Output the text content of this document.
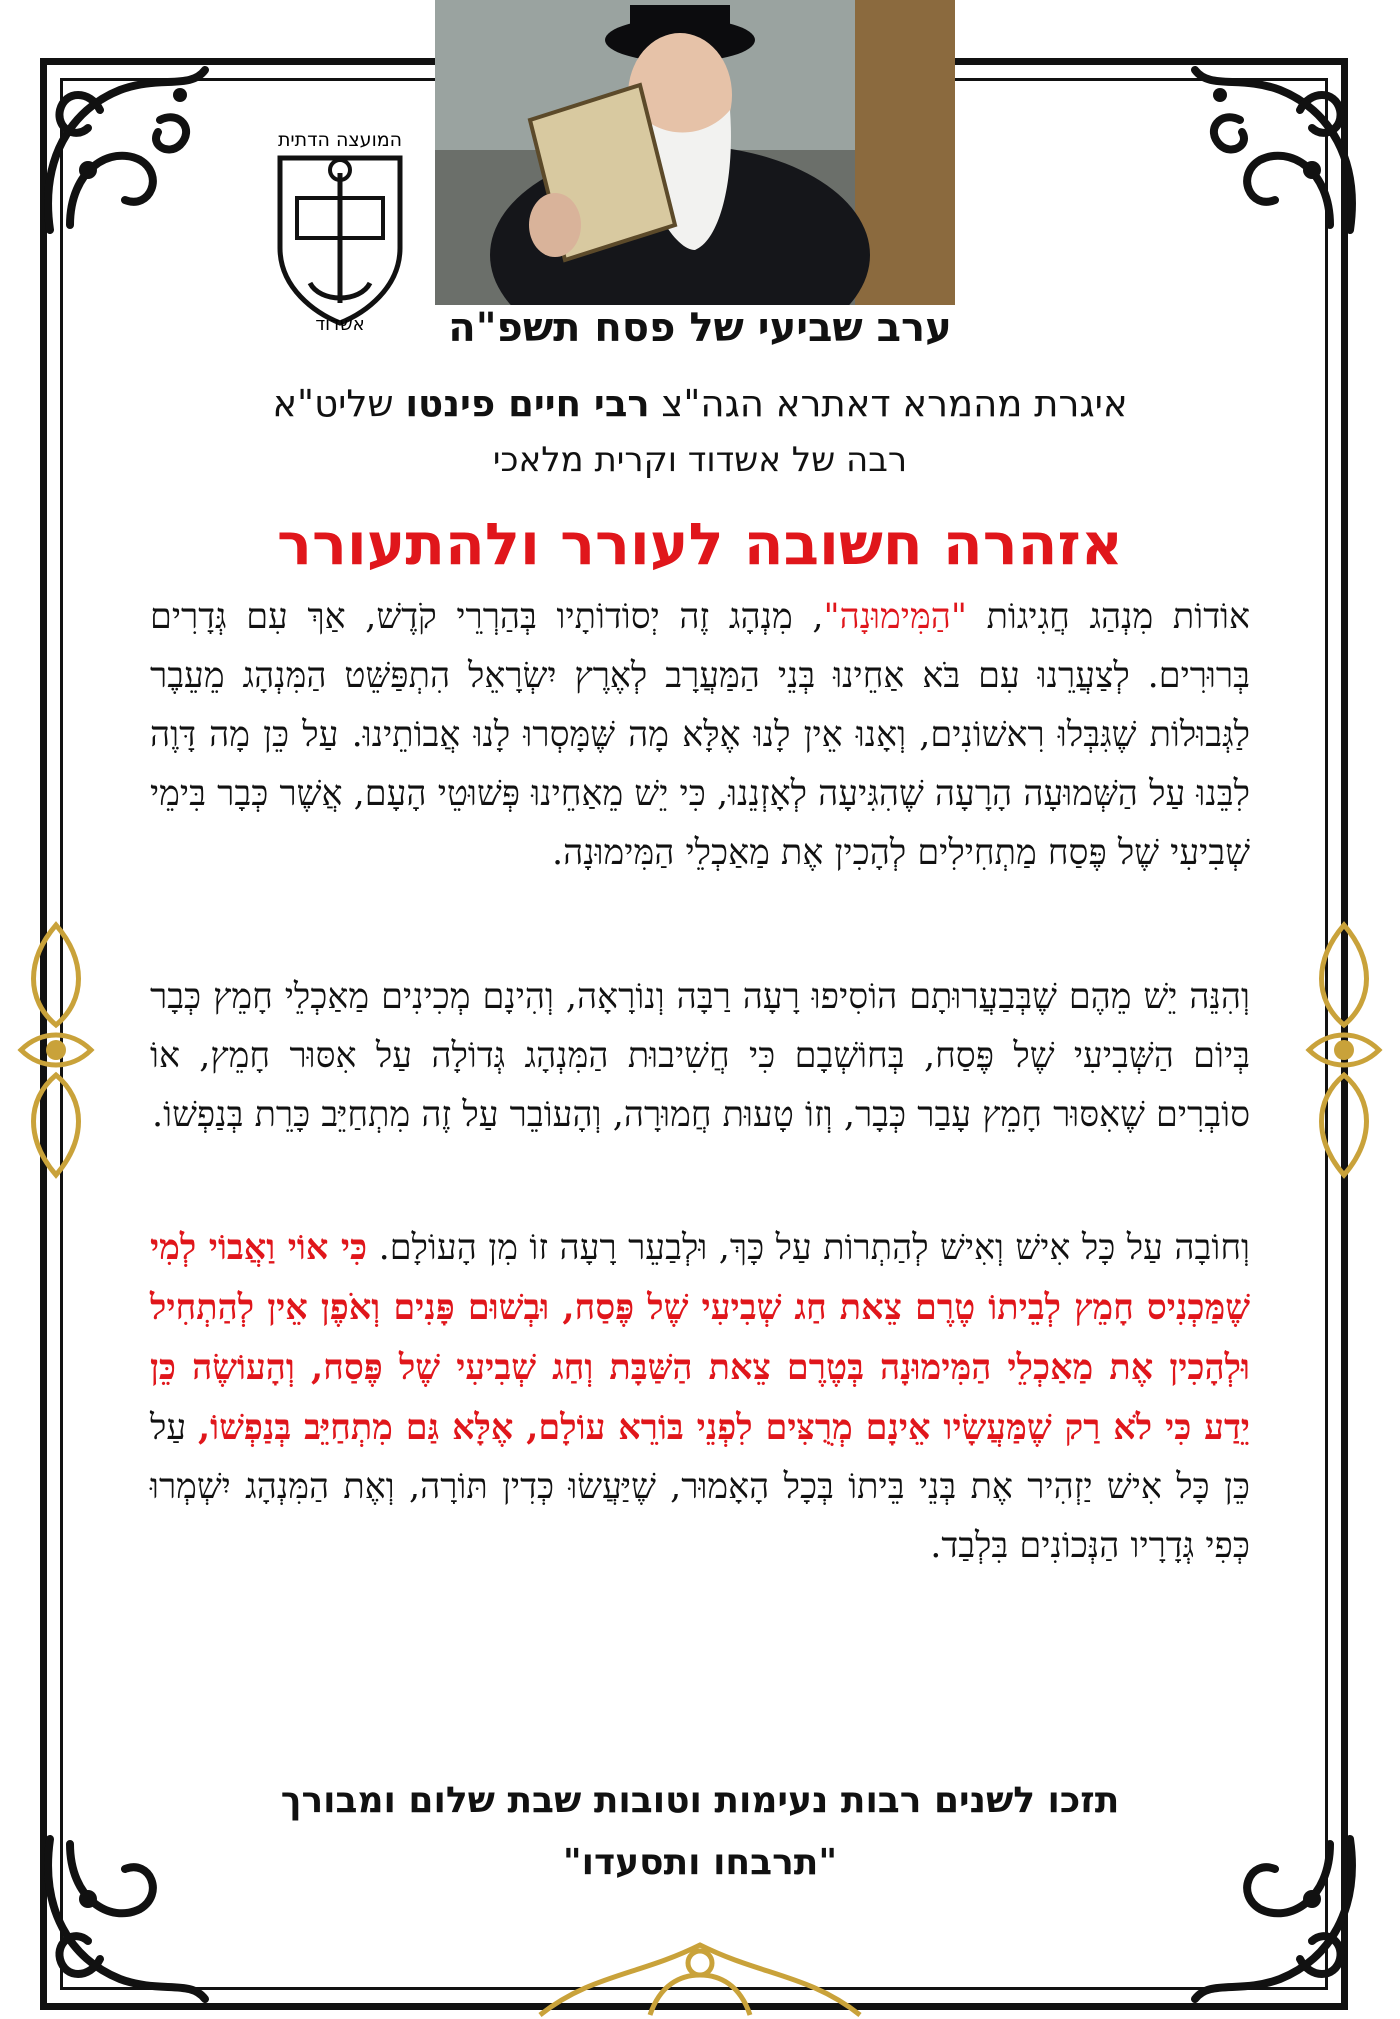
המועצה הדתית
אשדוד	ערב שביעי של פסח תשפ"ה
איגרת מהמרא דאתרא הגה"צ רבי חיים פינטו שליט"א
רבה של אשדוד וקרית מלאכי
אזהרה חשובה לעורר ולהתעורר
אוֹדוֹת מִנְהַג חֲגִיגוֹת "הַמִּימוּנָה", מִנְהָג זֶה יְסוֹדוֹתָיו בְּהַרְרֵי קֹדֶשׁ, אַךְ עִם גְּדָרִים בְּרוּרִים. לְצַעֲרֵנוּ עִם בֹּא אַחֵינוּ בְּנֵי הַמַּעֲרָב לְאֶרֶץ יִשְׂרָאֵל הִתְפַּשֵּׁט הַמִּנְהָג מֵעֵבֶר לַגְּבוּלוֹת שֶׁגִּבְּלוּ רִאשׁוֹנִים, וְאָנוּ אֵין לָנוּ אֶלָּא מָה שֶּׁמָּסְרוּ לָנוּ אֲבוֹתֵינוּ. עַל כֵּן מָה דָּוֶה לִבֵּנוּ עַל הַשְּׁמוּעָה הָרָעָה שֶׁהִגִּיעָה לְאָזְנֵנוּ, כִּי יֵשׁ מֵאַחֵינוּ פְּשׁוּטֵי הָעָם, אֲשֶׁר כְּבָר בִּימֵי שְׁבִיעִי שֶׁל פֶּסַח מַתְחִילִים לְהָכִין אֶת מַאַכְלֵי הַמִּימוּנָה.
וְהִנֵּה יֵשׁ מֵהֶם שֶׁבְּבַעֲרוּתָם הוֹסִיפוּ רָעָה רַבָּה וְנוֹרָאָה, וְהִינָם מְכִינִים מַאַכְלֵי חָמֵץ כְּבָר בְּיוֹם הַשְּׁבִיעִי שֶׁל פֶּסַח, בְּחוֹשְׁבָם כִּי חֲשִׁיבוּת הַמִּנְהָג גְּדוֹלָה עַל אִסּוּר חָמֵץ, אוֹ סוֹבְרִים שֶׁאִסּוּר חָמֵץ עָבַר כְּבָר, וְזוֹ טָעוּת חֲמוּרָה, וְהָעוֹבֵר עַל זֶה מִתְחַיֵּב כָּרֵת בְּנַפְשׁוֹ.
וְחוֹבָה עַל כָּל אִישׁ וְאִישׁ לְהַתְרוֹת עַל כָּךְ, וּלְבַעֵר רָעָה זוֹ מִן הָעוֹלָם. כִּי אוֹי וַאֲבוֹי לְמִי שֶׁמַּכְנִיס חָמֵץ לְבֵיתוֹ טֶרֶם צֵאת חַג שְׁבִיעִי שֶׁל פֶּסַח, וּבְשׁוּם פָּנִים וְאֹפֶן אֵין לְהַתְחִיל וּלְהָכִין אֶת מַאַכְלֵי הַמִּימוּנָה בְּטֶרֶם צֵאת הַשַּׁבָּת וְחַג שְׁבִיעִי שֶׁל פֶּסַח, וְהָעוֹשֶׂה כֵּן יֵדַע כִּי לֹא רַק שֶׁמַּעֲשָׂיו אֵינָם מְרֻצִּים לִפְנֵי בּוֹרֵא עוֹלָם, אֶלָּא גַּם מִתְחַיֵּב בְּנַפְשׁוֹ, עַל כֵּן כָּל אִישׁ יַזְהִיר אֶת בְּנֵי בֵּיתוֹ בְּכָל הָאָמוּר, שֶׁיַּעֲשׂוּ כְּדִין תּוֹרָה, וְאֶת הַמִּנְהָג יִשְׁמְרוּ כְּפִי גְּדָרָיו הַנְּכוֹנִים בִּלְבַד.
תזכו לשנים רבות נעימות וטובות שבת שלום ומבורך
"תרבחו ותסעדו"
